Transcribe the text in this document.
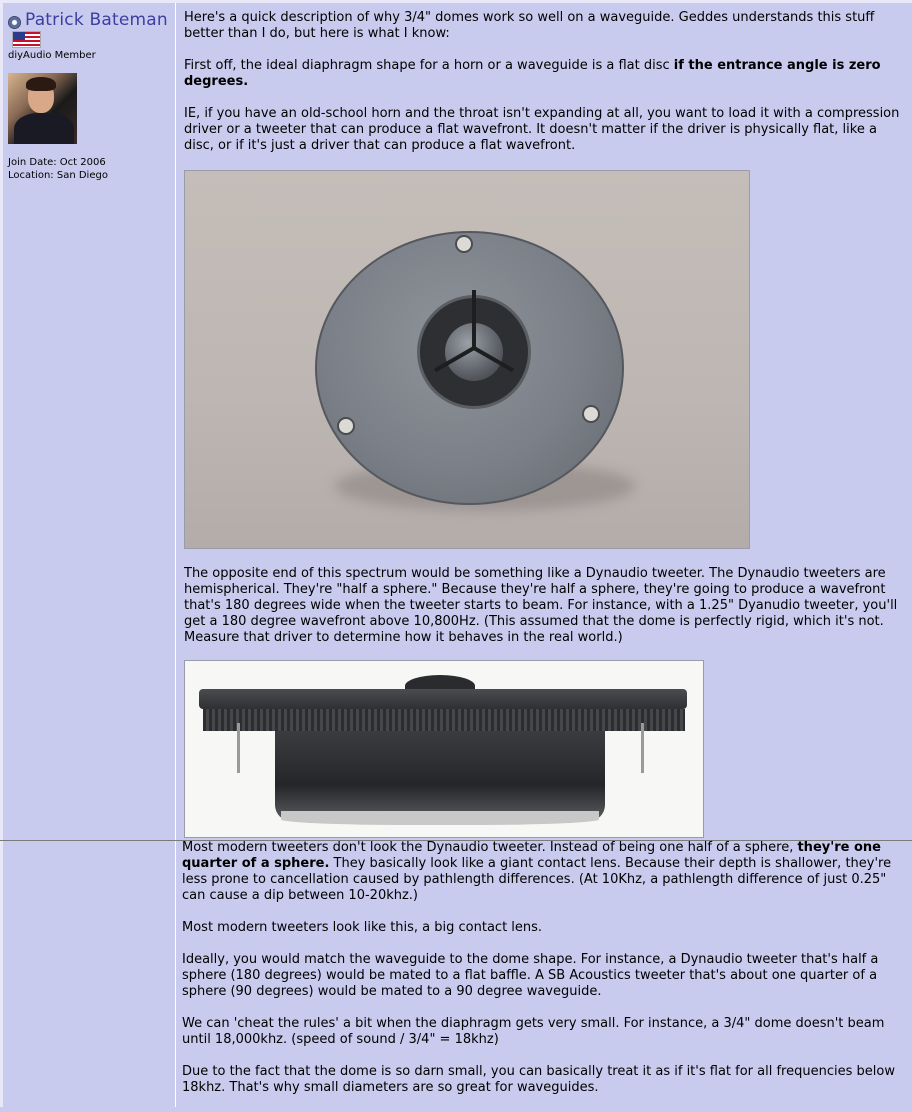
Patrick Bateman
diyAudio Member
Join Date: Oct 2006
Location: San Diego

Here's a quick description of why 3/4" domes work so well on a waveguide. Geddes understands this stuff better than I do, but here is what I know:

First off, the ideal diaphragm shape for a horn or a waveguide is a flat disc if the entrance angle is zero degrees.

IE, if you have an old-school horn and the throat isn't expanding at all, you want to load it with a compression driver or a tweeter that can produce a flat wavefront. It doesn't matter if the driver is physically flat, like a disc, or if it's just a driver that can produce a flat wavefront.

The opposite end of this spectrum would be something like a Dynaudio tweeter. The Dynaudio tweeters are hemispherical. They're "half a sphere." Because they're half a sphere, they're going to produce a wavefront that's 180 degrees wide when the tweeter starts to beam. For instance, with a 1.25" Dyanudio tweeter, you'll get a 180 degree wavefront above 10,800Hz. (This assumed that the dome is perfectly rigid, which it's not. Measure that driver to determine how it behaves in the real world.)

Most modern tweeters don't look the Dynaudio tweeter. Instead of being one half of a sphere, they're one quarter of a sphere. They basically look like a giant contact lens. Because their depth is shallower, they're less prone to cancellation caused by pathlength differences. (At 10Khz, a pathlength difference of just 0.25" can cause a dip between 10-20khz.)

Most modern tweeters look like this, a big contact lens.

Ideally, you would match the waveguide to the dome shape. For instance, a Dynaudio tweeter that's half a sphere (180 degrees) would be mated to a flat baffle. A SB Acoustics tweeter that's about one quarter of a sphere (90 degrees) would be mated to a 90 degree waveguide.

We can 'cheat the rules' a bit when the diaphragm gets very small. For instance, a 3/4" dome doesn't beam until 18,000khz. (speed of sound / 3/4" = 18khz)

Due to the fact that the dome is so darn small, you can basically treat it as if it's flat for all frequencies below 18khz. That's why small diameters are so great for waveguides.
